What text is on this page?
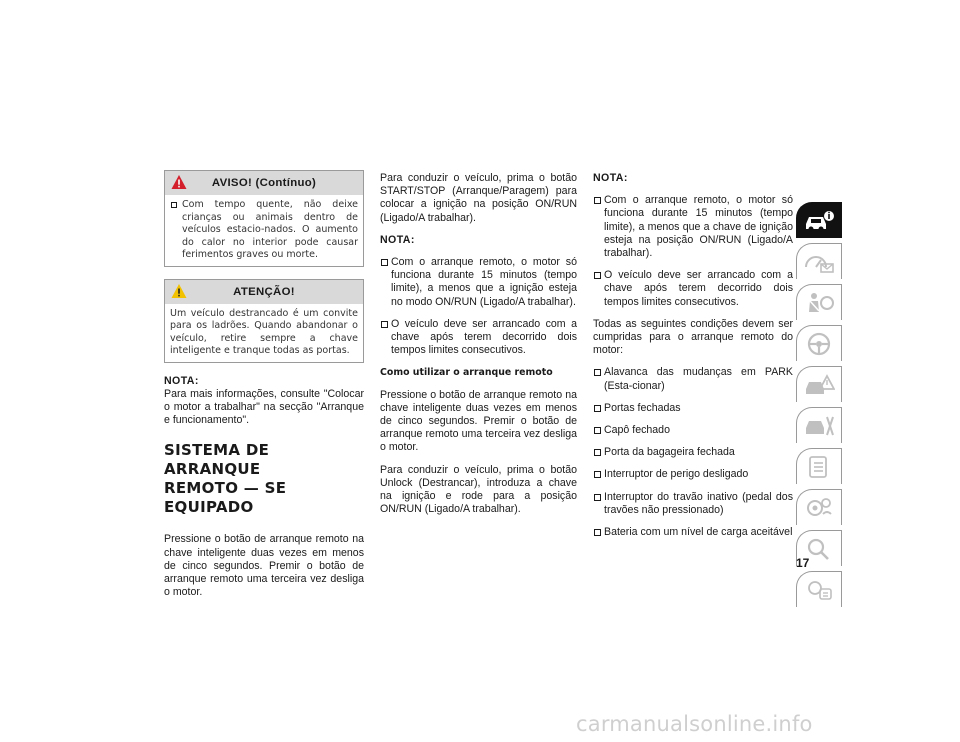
AVISO! (Contínuo)
Com tempo quente, não deixe crianças ou animais dentro de veículos estacio-nados. O aumento do calor no interior pode causar ferimentos graves ou morte.
ATENÇÃO!
Um veículo destrancado é um convite para os ladrões. Quando abandonar o veículo, retire sempre a chave inteligente e tranque todas as portas.
NOTA:
Para mais informações, consulte "Colocar o motor a trabalhar" na secção "Arranque e funcionamento".
SISTEMA DE ARRANQUE
REMOTO — SE EQUIPADO
Pressione o botão de arranque remoto na chave inteligente duas vezes em menos de cinco segundos. Premir o botão de arranque remoto uma terceira vez desliga o motor.
Para conduzir o veículo, prima o botão START/STOP (Arranque/Paragem) para colocar a ignição na posição ON/RUN (Ligado/A trabalhar).
NOTA:
Com o arranque remoto, o motor só funciona durante 15 minutos (tempo limite), a menos que a ignição esteja no modo ON/RUN (Ligado/A trabalhar).
O veículo deve ser arrancado com a chave após terem decorrido dois tempos limites consecutivos.
Como utilizar o arranque remoto
Pressione o botão de arranque remoto na chave inteligente duas vezes em menos de cinco segundos. Premir o botão de arranque remoto uma terceira vez desliga o motor.
Para conduzir o veículo, prima o botão Unlock (Destrancar), introduza a chave na ignição e rode para a posição ON/RUN (Ligado/A trabalhar).
NOTA:
Com o arranque remoto, o motor só funciona durante 15 minutos (tempo limite), a menos que a chave de ignição esteja na posição ON/RUN (Ligado/A trabalhar).
O veículo deve ser arrancado com a chave após terem decorrido dois tempos limites consecutivos.
Todas as seguintes condições devem ser cumpridas para o arranque remoto do motor:
Alavanca das mudanças em PARK (Esta-cionar)
Portas fechadas
Capô fechado
Porta da bagageira fechada
Interruptor de perigo desligado
Interruptor do travão inativo (pedal dos travões não pressionado)
Bateria com um nível de carga aceitável
17
carmanualsonline.info
